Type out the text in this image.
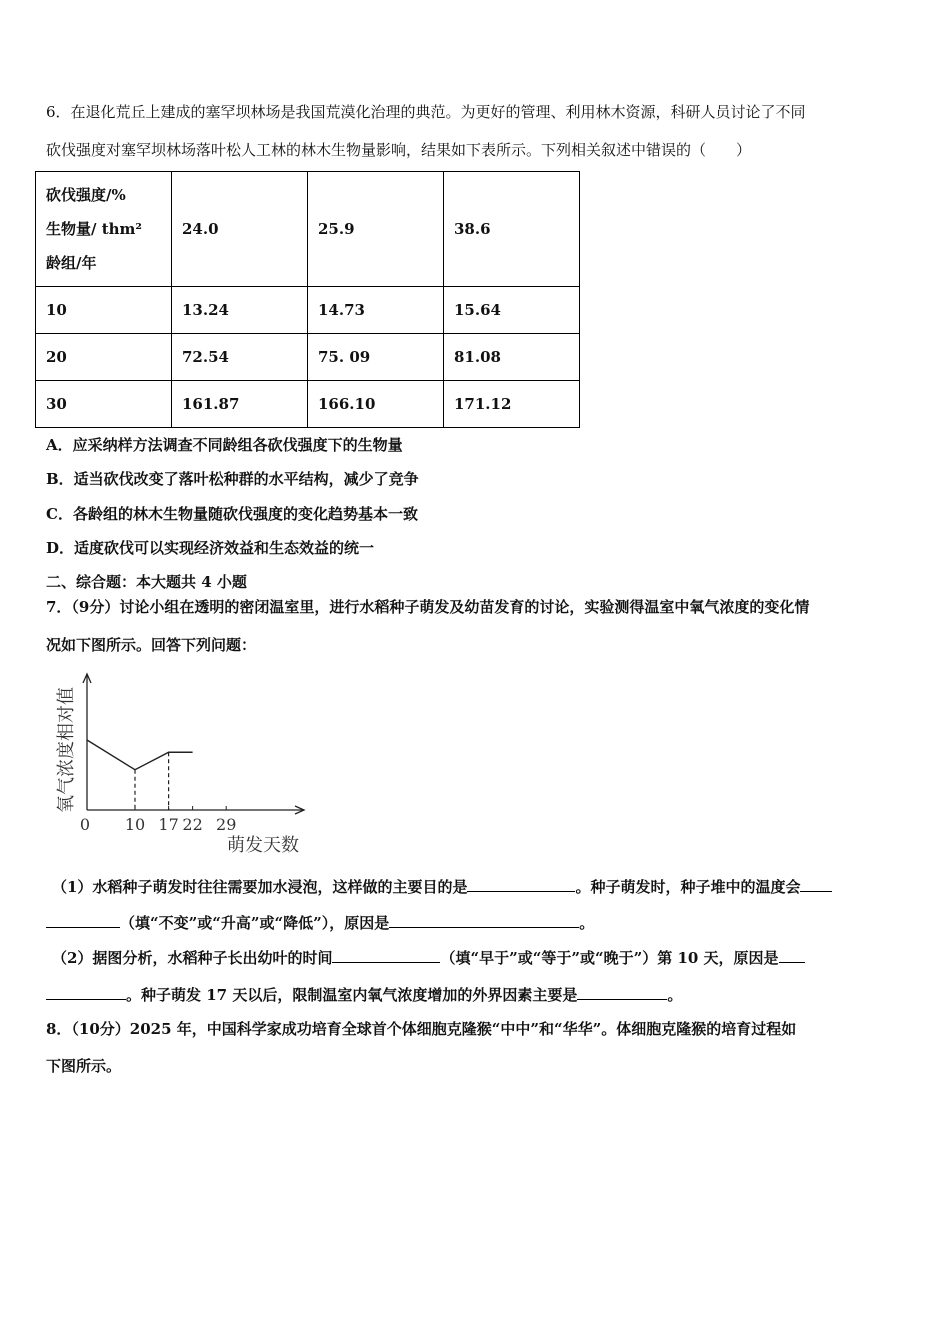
6．在退化荒丘上建成的塞罕坝林场是我国荒漠化治理的典范。为更好的管理、利用林木资源，科研人员讨论了不同
砍伐强度对塞罕坝林场落叶松人工林的林木生物量影响，结果如下表所示。下列相关叙述中错误的（　　）
砍伐强度/%
生物量/ thm²
龄组/年	24.0	25.9	38.6
10	13.24	14.73	15.64
20	72.54	75. 09	81.08
30	161.87	166.10	171.12
A．应采纳样方法调查不同龄组各砍伐强度下的生物量
B．适当砍伐改变了落叶松种群的水平结构，减少了竞争
C．各龄组的林木生物量随砍伐强度的变化趋势基本一致
D．适度砍伐可以实现经济效益和生态效益的统一
二、综合题：本大题共 4 小题
7．（9分）讨论小组在透明的密闭温室里，进行水稻种子萌发及幼苗发育的讨论，实验测得温室中氧气浓度的变化情
况如下图所示。回答下列问题：
0 10 17 22 29
氧气浓度相对值
萌发天数
（1）水稻种子萌发时往往需要加水浸泡，这样做的主要目的是	。种子萌发时，种子堆中的温度会
（填“不变”或“升高”或“降低”），原因是	。
（2）据图分析，水稻种子长出幼叶的时间	（填“早于”或“等于”或“晚于”）第 10 天，原因是
。种子萌发 17 天以后，限制温室内氧气浓度增加的外界因素主要是	。
8．（10分）2025 年，中国科学家成功培育全球首个体细胞克隆猴“中中”和“华华”。体细胞克隆猴的培育过程如
下图所示。
